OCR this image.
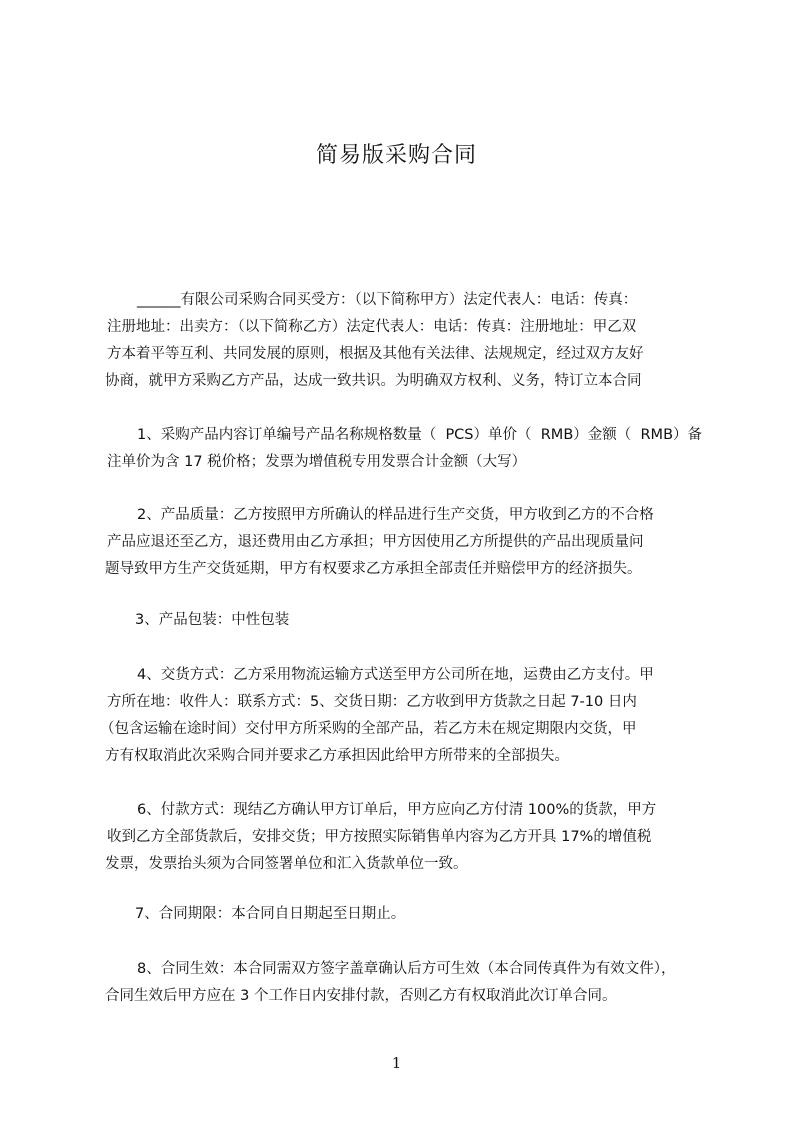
简易版采购合同
______有限公司采购合同买受方：（以下简称甲方）法定代表人：电话：传真：
注册地址：出卖方：（以下简称乙方）法定代表人：电话：传真：注册地址：甲乙双
方本着平等互利、共同发展的原则，根据及其他有关法律、法规规定，经过双方友好
协商，就甲方采购乙方产品，达成一致共识。为明确双方权利、义务，特订立本合同
1、采购产品内容订单编号产品名称规格数量（  PCS）单价（  RMB）金额（  RMB）备
注单价为含 17 税价格；发票为增值税专用发票合计金额（大写）
2、产品质量：乙方按照甲方所确认的样品进行生产交货，甲方收到乙方的不合格
产品应退还至乙方，退还费用由乙方承担；甲方因使用乙方所提供的产品出现质量问
题导致甲方生产交货延期，甲方有权要求乙方承担全部责任并赔偿甲方的经济损失。
3、产品包装：中性包装
4、交货方式：乙方采用物流运输方式送至甲方公司所在地，运费由乙方支付。甲
方所在地：收件人：联系方式：5、交货日期：乙方收到甲方货款之日起 7-10 日内
（包含运输在途时间）交付甲方所采购的全部产品，若乙方未在规定期限内交货，甲
方有权取消此次采购合同并要求乙方承担因此给甲方所带来的全部损失。
6、付款方式：现结乙方确认甲方订单后，甲方应向乙方付清 100%的货款，甲方
收到乙方全部货款后，安排交货；甲方按照实际销售单内容为乙方开具 17%的增值税
发票，发票抬头须为合同签署单位和汇入货款单位一致。
7、合同期限：本合同自日期起至日期止。
8、合同生效：本合同需双方签字盖章确认后方可生效（本合同传真件为有效文件），
合同生效后甲方应在 3 个工作日内安排付款，否则乙方有权取消此次订单合同。
1
